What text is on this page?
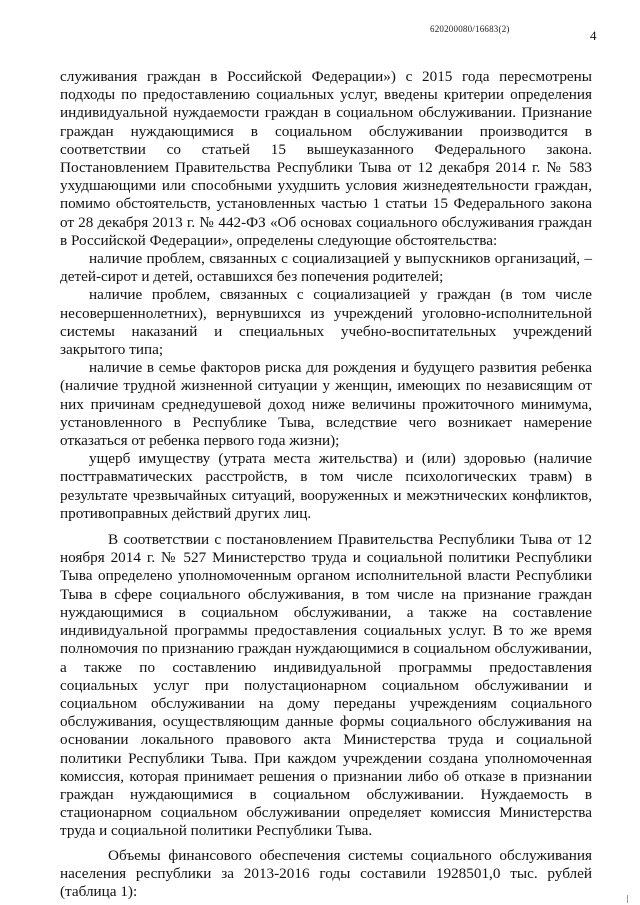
620200080/16683(2)	4

служивания граждан в Российской Федерации») с 2015 года пересмотрены подходы по предоставлению социальных услуг, введены критерии определения индивидуальной нуждаемости граждан в социальном обслуживании. Признание граждан нуждающимися в социальном обслуживании производится в соответствии со статьей 15 вышеуказанного Федерального закона. Постановлением Правительства Республики Тыва от 12 декабря 2014 г. № 583 ухудшающими или способными ухудшить условия жизнедеятельности граждан, помимо обстоятельств, установленных частью 1 статьи 15 Федерального закона от 28 декабря 2013 г. № 442-ФЗ «Об основах социального обслуживания граждан в Российской Федерации», определены следующие обстоятельства:

наличие проблем, связанных с социализацией у выпускников организаций, – детей-сирот и детей, оставшихся без попечения родителей;

наличие проблем, связанных с социализацией у граждан (в том числе несовершеннолетних), вернувшихся из учреждений уголовно-исполнительной системы наказаний и специальных учебно-воспитательных учреждений закрытого типа;

наличие в семье факторов риска для рождения и будущего развития ребенка (наличие трудной жизненной ситуации у женщин, имеющих по независящим от них причинам среднедушевой доход ниже величины прожиточного минимума, установленного в Республике Тыва, вследствие чего возникает намерение отказаться от ребенка первого года жизни);

ущерб имуществу (утрата места жительства) и (или) здоровью (наличие посттравматических расстройств, в том числе психологических травм) в результате чрезвычайных ситуаций, вооруженных и межэтнических конфликтов, противоправных действий других лиц.

В соответствии с постановлением Правительства Республики Тыва от 12 ноября 2014 г. № 527 Министерство труда и социальной политики Республики Тыва определено уполномоченным органом исполнительной власти Республики Тыва в сфере социального обслуживания, в том числе на признание граждан нуждающимися в социальном обслуживании, а также на составление индивидуальной программы предоставления социальных услуг. В то же время полномочия по признанию граждан нуждающимися в социальном обслуживании, а также по составлению индивидуальной программы предоставления социальных услуг при полустационарном социальном обслуживании и социальном обслуживании на дому переданы учреждениям социального обслуживания, осуществляющим данные формы социального обслуживания на основании локального правового акта Министерства труда и социальной политики Республики Тыва. При каждом учреждении создана уполномоченная комиссия, которая принимает решения о признании либо об отказе в признании граждан нуждающимися в социальном обслуживании. Нуждаемость в стационарном социальном обслуживании определяет комиссия Министерства труда и социальной политики Республики Тыва.

Объемы финансового обеспечения системы социального обслуживания населения республики за 2013-2016 годы составили 1928501,0 тыс. рублей (таблица 1):
